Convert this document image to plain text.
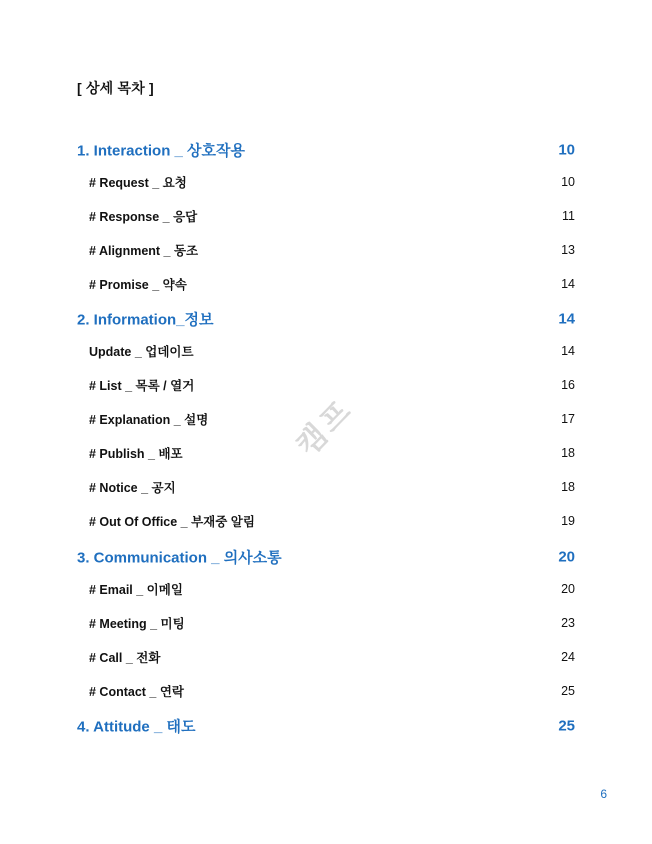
[ 상세 목차 ]
1. Interaction _ 상호작용	10
# Request _ 요청	10
# Response _ 응답	11
# Alignment _ 동조	13
# Promise _ 약속	14
2. Information_정보	14
Update _ 업데이트	14
# List _ 목록 / 열거	16
# Explanation _ 설명	17
# Publish _ 배포	18
# Notice _ 공지	18
# Out Of Office _ 부재중 알림	19
3. Communication _ 의사소통	20
# Email _ 이메일	20
# Meeting _ 미팅	23
# Call _ 전화	24
# Contact _ 연락	25
4. Attitude _ 태도	25
캠프
6
